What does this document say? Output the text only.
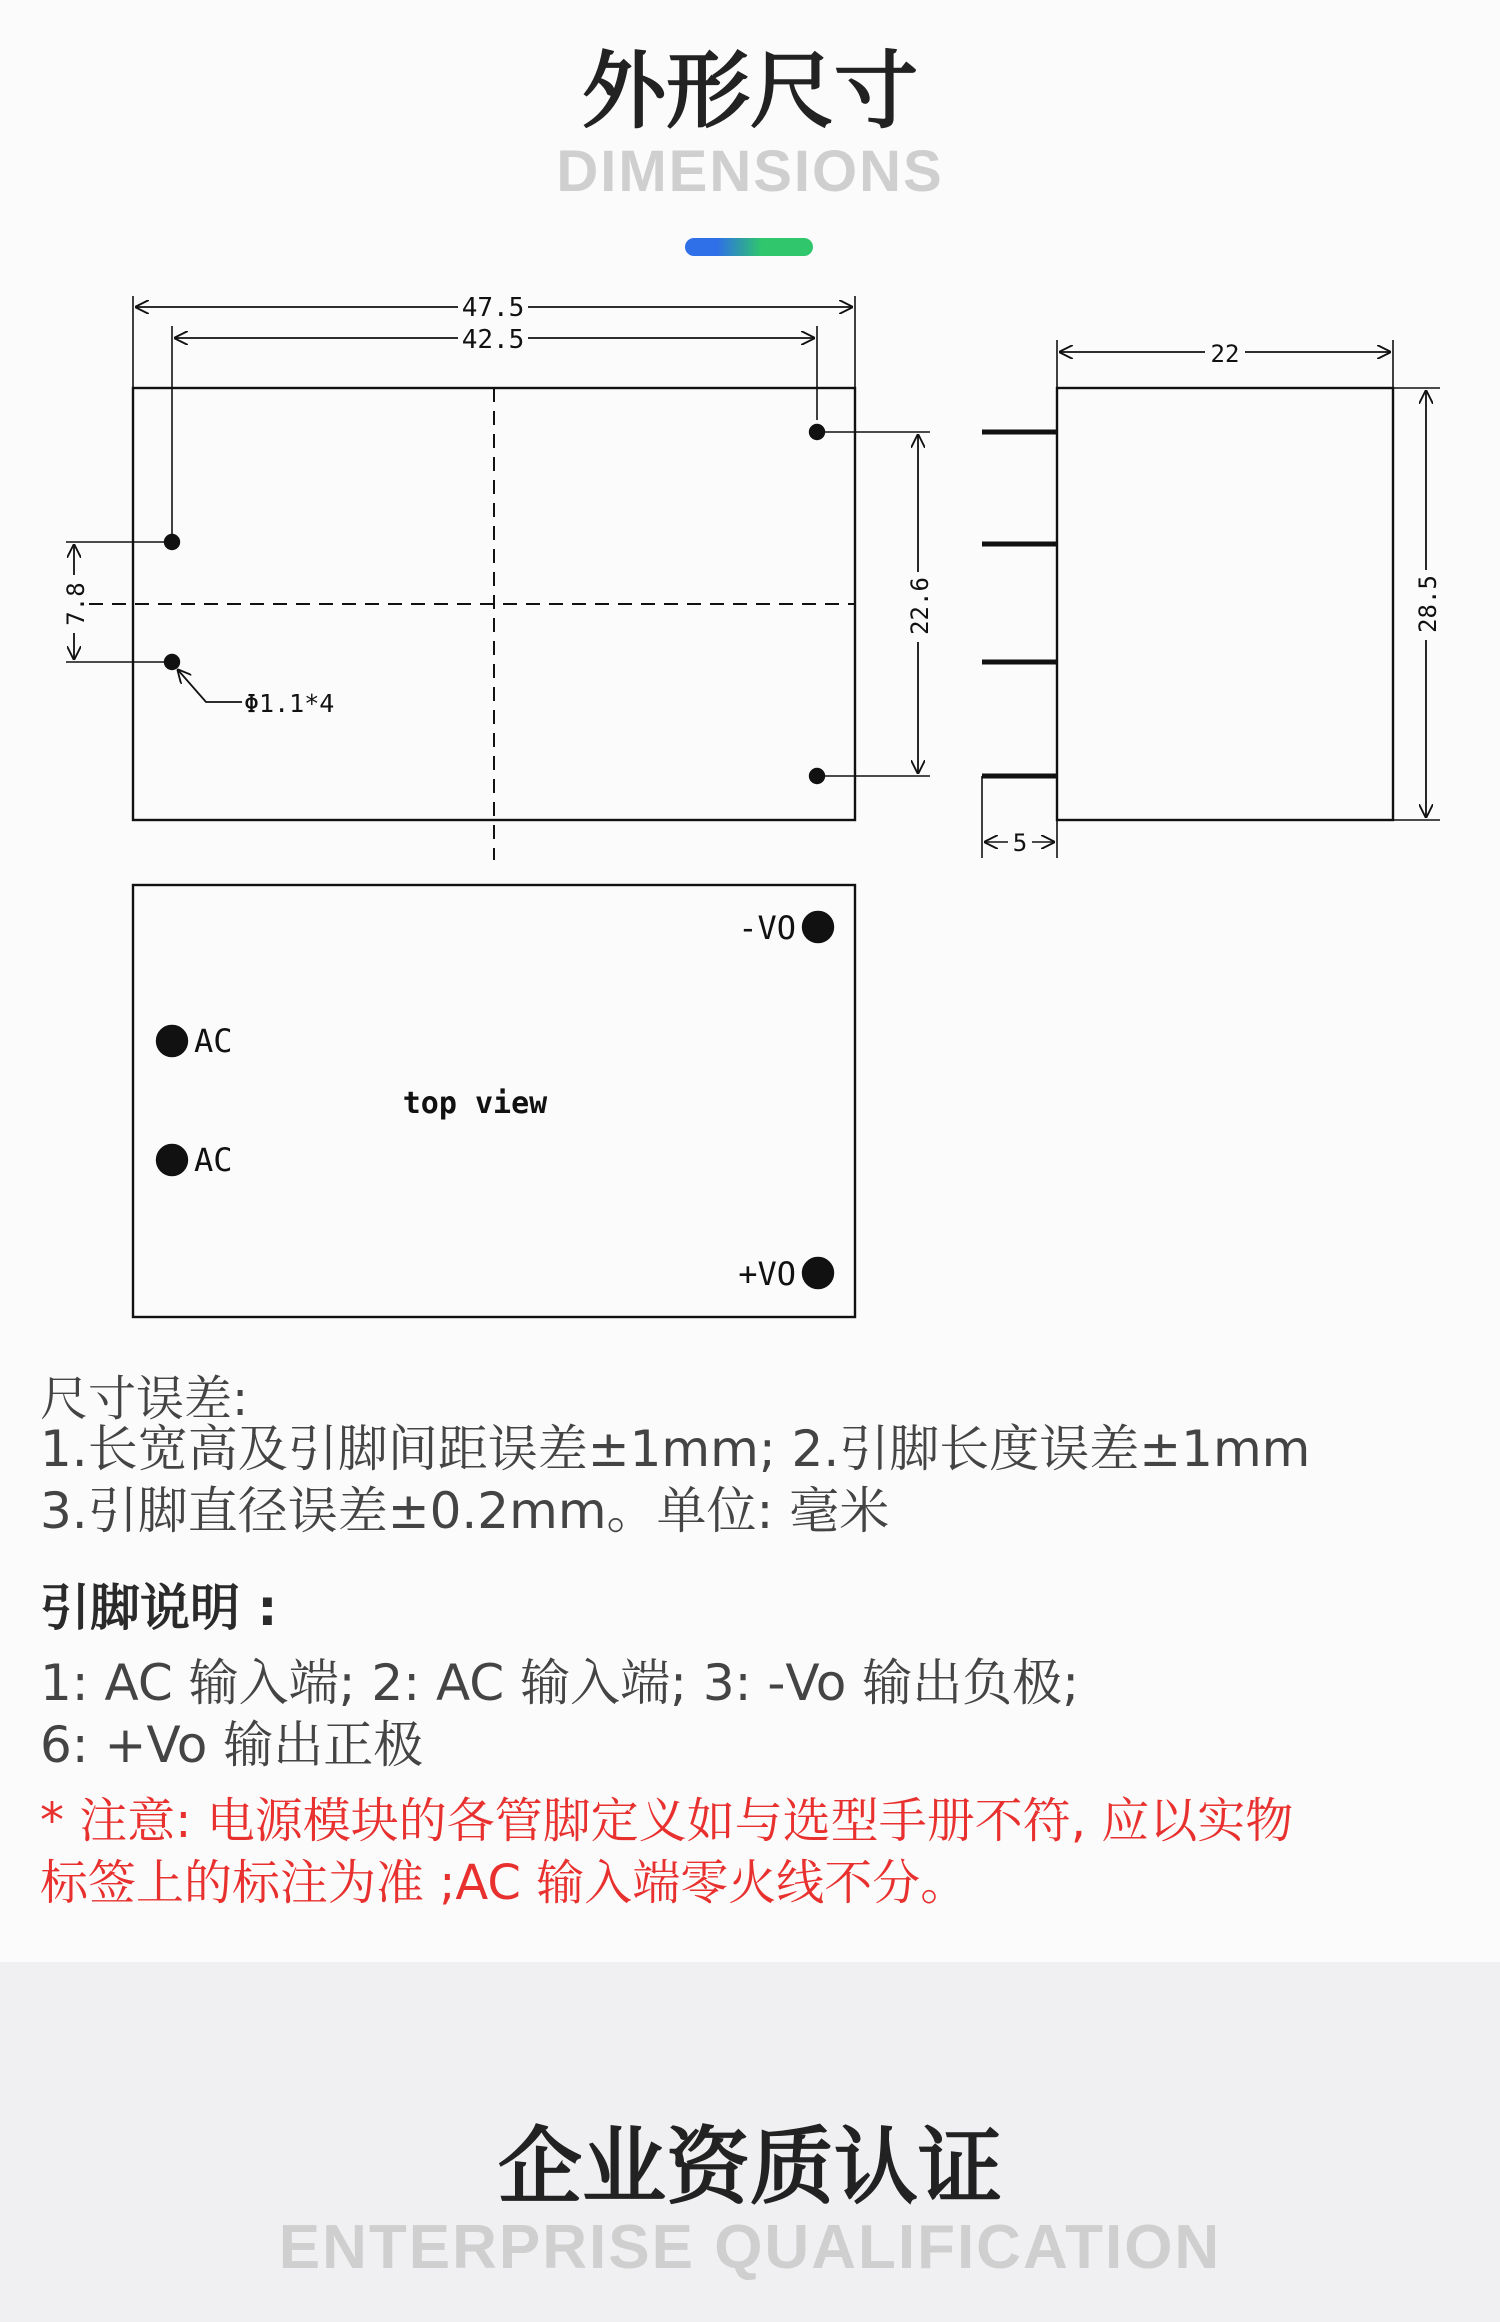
外形尺寸
DIMENSIONS
47.5
42.5
7.8	22.6
Φ1.1*4
22
28.5
5
top view
AC
AC
-VO
+VO
尺寸误差:
1.长宽高及引脚间距误差±1mm; 2.引脚长度误差±1mm
3.引脚直径误差±0.2mm。单位: 毫米
引脚说明 :
1: AC 输入端; 2: AC 输入端; 3: -Vo 输出负极;
6: +Vo 输出正极
* 注意: 电源模块的各管脚定义如与选型手册不符, 应以实物
标签上的标注为准 ;AC 输入端零火线不分。
企业资质认证
ENTERPRISE QUALIFICATION
